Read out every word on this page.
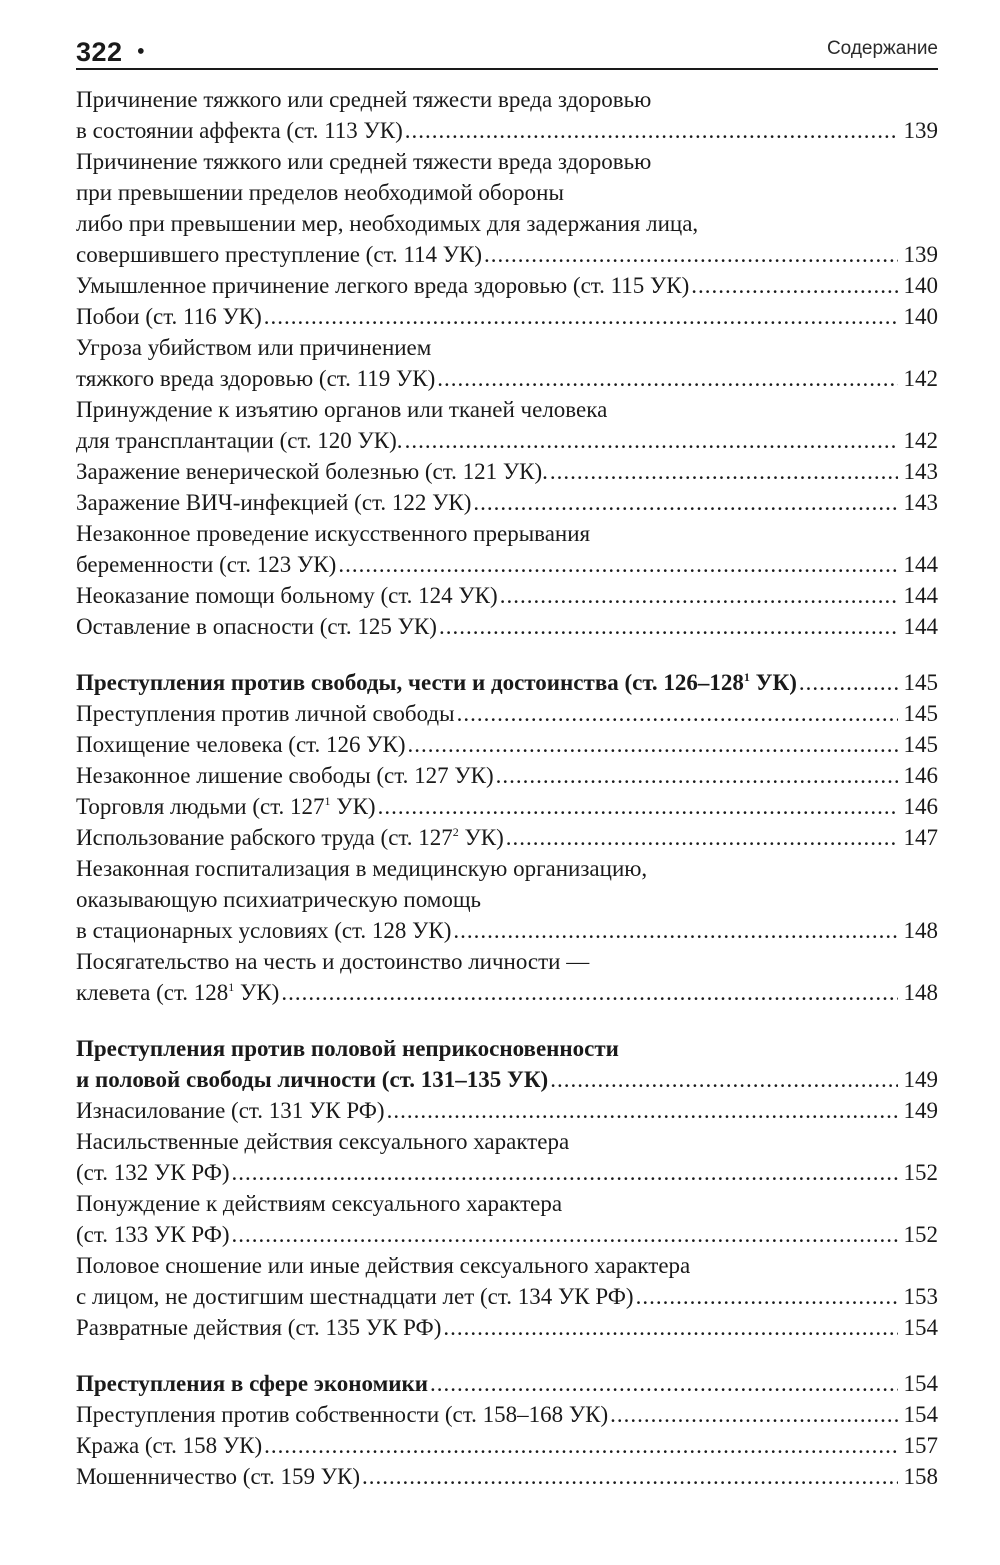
322 •	Содержание
Причинение тяжкого или средней тяжести вреда здоровью
в состоянии аффекта (ст. 113 УК) .....	139
Причинение тяжкого или средней тяжести вреда здоровью
при превышении пределов необходимой обороны
либо при превышении мер, необходимых для задержания лица,
совершившего преступление (ст. 114 УК) .....	139
Умышленное причинение легкого вреда здоровью (ст. 115 УК) .....	140
Побои (ст. 116 УК) .....	140
Угроза убийством или причинением
тяжкого вреда здоровью (ст. 119 УК) .....	142
Принуждение к изъятию органов или тканей человека
для трансплантации (ст. 120 УК). .....	142
Заражение венерической болезнью (ст. 121 УК). .....	143
Заражение ВИЧ-инфекцией (ст. 122 УК) .....	143
Незаконное проведение искусственного прерывания
беременности (ст. 123 УК) .....	144
Неоказание помощи больному (ст. 124 УК) .....	144
Оставление в опасности (ст. 125 УК) .....	144
Преступления против свободы, чести и достоинства (ст. $126-128^1$ УК) .....	145
Преступления против личной свободы .....	145
Похищение человека (ст. 126 УК) .....	145
Незаконное лишение свободы (ст. 127 УК) .....	146
Торговля людьми (ст. $127^1$ УК) .....	146
Использование рабского труда (ст. $127^2$ УК) .....	147
Незаконная госпитализация в медицинскую организацию,
оказывающую психиатрическую помощь
в стационарных условиях (ст. 128 УК) .....	148
Посягательство на честь и достоинство личности —
клевета (ст. $128^1$ УК) .....	148
Преступления против половой неприкосновенности
и половой свободы личности (ст. 131–135 УК) .....	149
Изнасилование (ст. 131 УК РФ) .....	149
Насильственные действия сексуального характера
(ст. 132 УК РФ) .....	152
Понуждение к действиям сексуального характера
(ст. 133 УК РФ) .....	152
Половое сношение или иные действия сексуального характера
с лицом, не достигшим шестнадцати лет (ст. 134 УК РФ) .....	153
Развратные действия (ст. 135 УК РФ) .....	154
Преступления в сфере экономики .....	154
Преступления против собственности (ст. 158–168 УК) .....	154
Кража (ст. 158 УК) .....	157
Мошенничество (ст. 159 УК) .....	158
